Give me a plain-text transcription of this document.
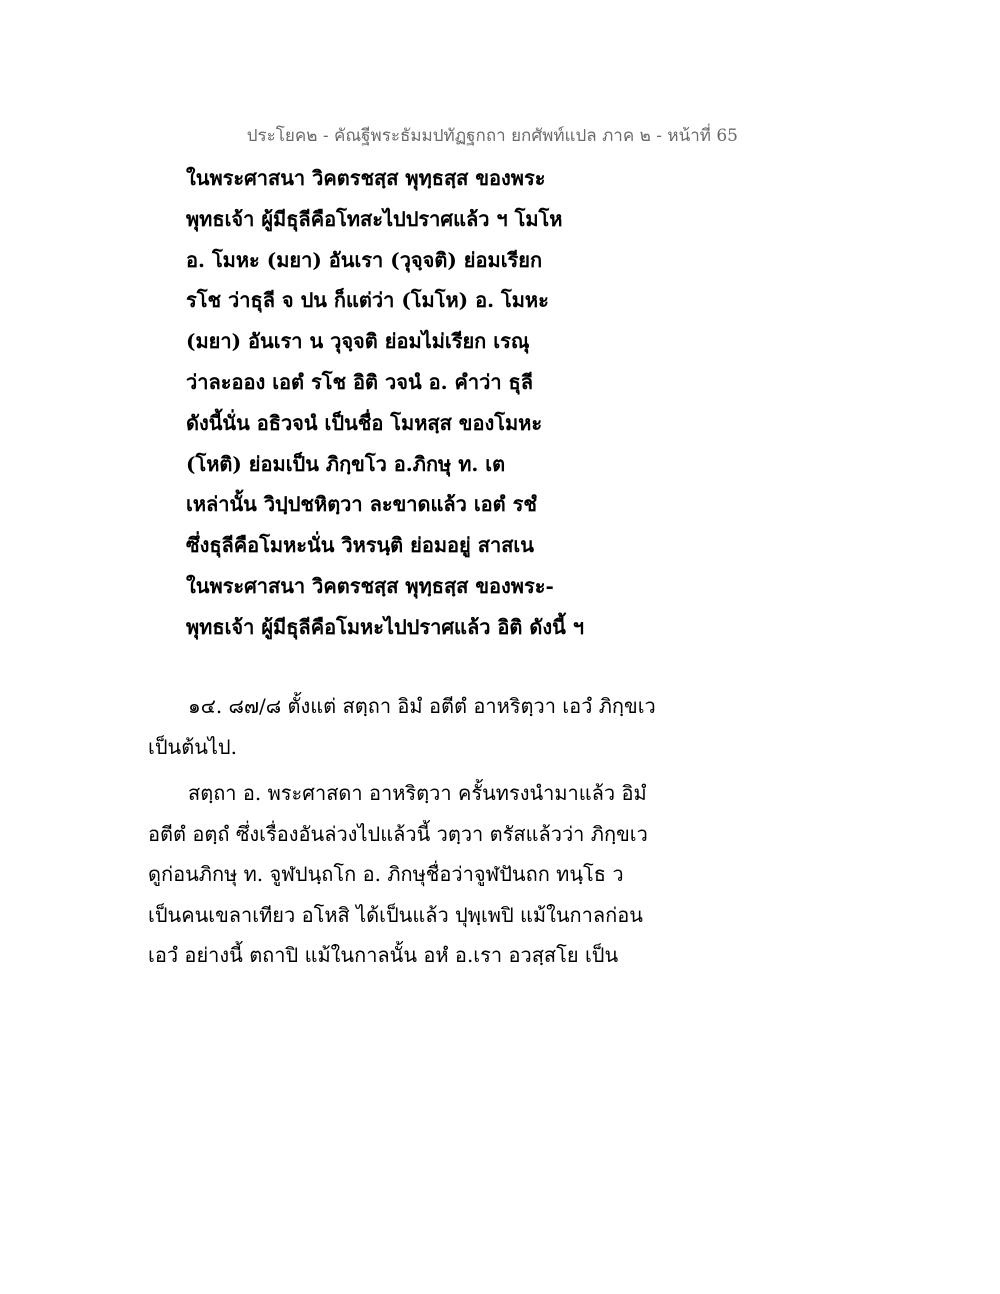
ประโยค๒ - คัณฐีพระธัมมปทัฏฐกถา ยกศัพท์แปล ภาค ๒ - หน้าที่ 65
ในพระศาสนา วิคตรชสฺส พุทฺธสฺส ของพระ
พุทธเจ้า ผู้มีธุลีคือโทสะไปปราศแล้ว ฯ โมโห
อ. โมหะ (มยา) อันเรา (วุจฺจติ) ย่อมเรียก
รโช ว่าธุลี จ ปน ก็แต่ว่า (โมโห) อ. โมหะ
(มยา) อันเรา น วุจฺจติ ย่อมไม่เรียก เรณุ
ว่าละออง เอตํ รโช อิติ วจนํ อ. คำว่า ธุลี
ดังนี้นั่น อธิวจนํ เป็นชื่อ โมหสฺส ของโมหะ
(โหติ) ย่อมเป็น ภิกฺขโว อ.ภิกษุ ท. เต
เหล่านั้น วิปฺปชหิตฺวา ละขาดแล้ว เอตํ รชํ
ซึ่งธุลีคือโมหะนั่น วิหรนฺติ ย่อมอยู่ สาสเน
ในพระศาสนา วิคตรชสฺส พุทฺธสฺส ของพระ-
พุทธเจ้า ผู้มีธุลีคือโมหะไปปราศแล้ว อิติ ดังนี้ ฯ
๑๔. ๘๗/๘ ตั้งแต่ สตฺถา อิมํ อตีตํ อาหริตฺวา เอวํ ภิกฺขเว
เป็นต้นไป.
สตฺถา อ. พระศาสดา อาหริตฺวา ครั้นทรงนำมาแล้ว อิมํ
อตีตํ อตฺถํ ซึ่งเรื่องอันล่วงไปแล้วนี้ วตฺวา ตรัสแล้วว่า ภิกฺขเว
ดูก่อนภิกษุ ท. จูฬปนฺถโก อ. ภิกษุชื่อว่าจูฬปันถก ทนฺโธ ว
เป็นคนเขลาเทียว อโหสิ ได้เป็นแล้ว ปุพฺเพปิ แม้ในกาลก่อน
เอวํ อย่างนี้ ตถาปิ แม้ในกาลนั้น อหํ อ.เรา อวสฺสโย เป็น
